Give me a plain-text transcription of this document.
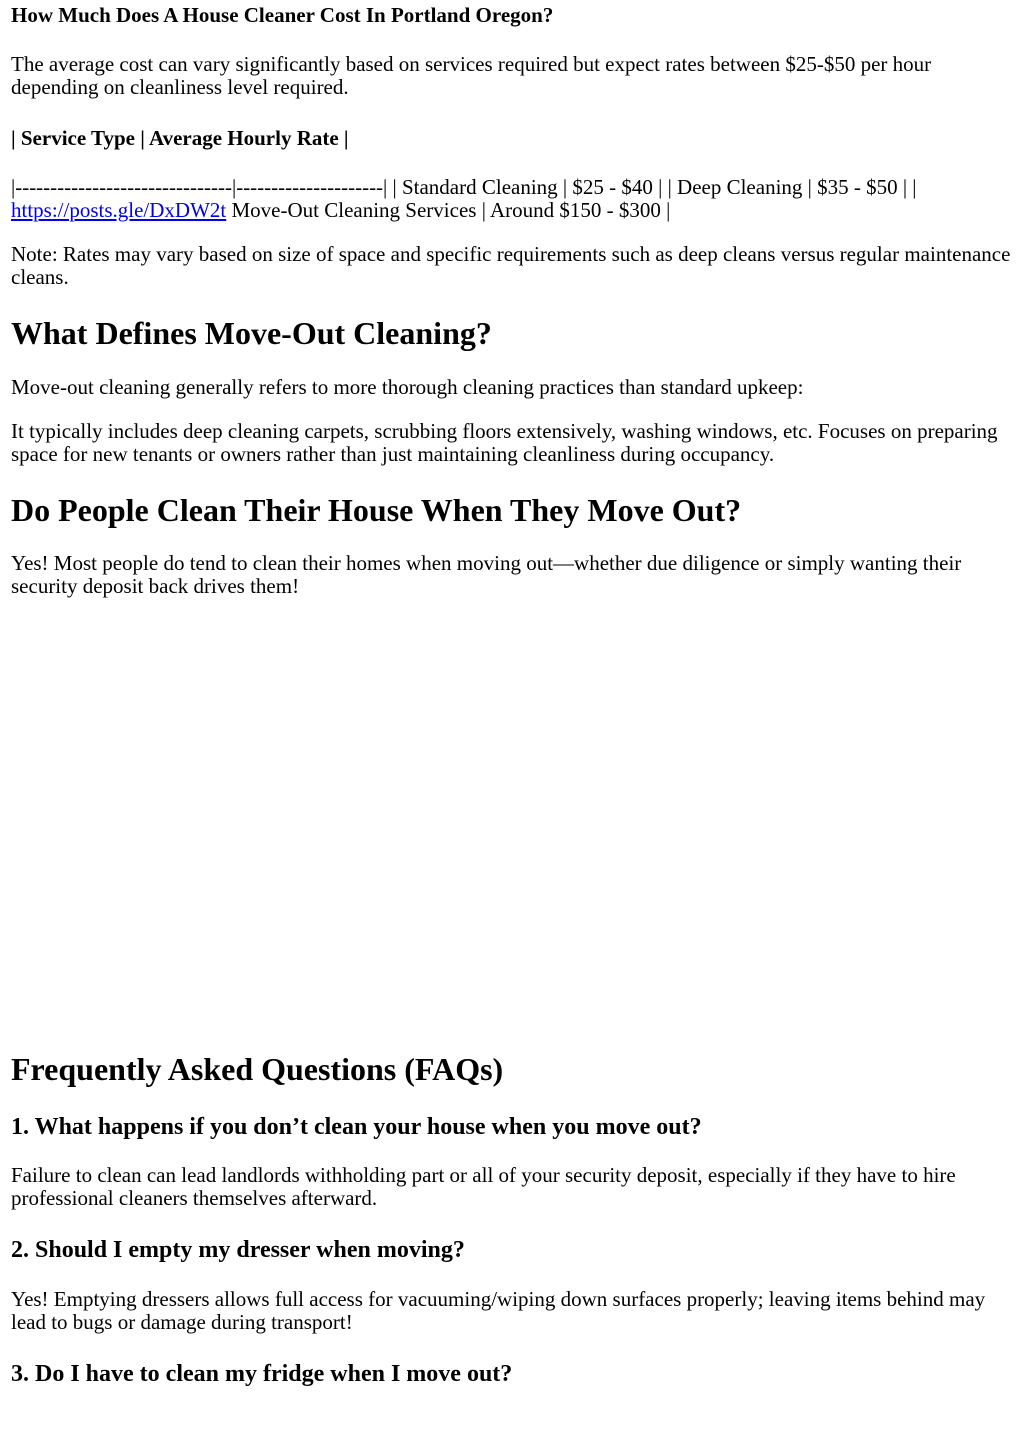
How Much Does A House Cleaner Cost In Portland Oregon?
The average cost can vary significantly based on services required but expect rates between $25-$50 per hour depending on cleanliness level required.
| Service Type | Average Hourly Rate |
|-------------------------------|---------------------| | Standard Cleaning | $25 - $40 | | Deep Cleaning | $35 - $50 | | https://posts.gle/DxDW2t Move-Out Cleaning Services | Around $150 - $300 |
Note: Rates may vary based on size of space and specific requirements such as deep cleans versus regular maintenance cleans.
What Defines Move-Out Cleaning?
Move-out cleaning generally refers to more thorough cleaning practices than standard upkeep:
It typically includes deep cleaning carpets, scrubbing floors extensively, washing windows, etc. Focuses on preparing space for new tenants or owners rather than just maintaining cleanliness during occupancy.
Do People Clean Their House When They Move Out?
Yes! Most people do tend to clean their homes when moving out—whether due diligence or simply wanting their security deposit back drives them!
Frequently Asked Questions (FAQs)
1. What happens if you don’t clean your house when you move out?
Failure to clean can lead landlords withholding part or all of your security deposit, especially if they have to hire professional cleaners themselves afterward.
2. Should I empty my dresser when moving?
Yes! Emptying dressers allows full access for vacuuming/wiping down surfaces properly; leaving items behind may lead to bugs or damage during transport!
3. Do I have to clean my fridge when I move out?
